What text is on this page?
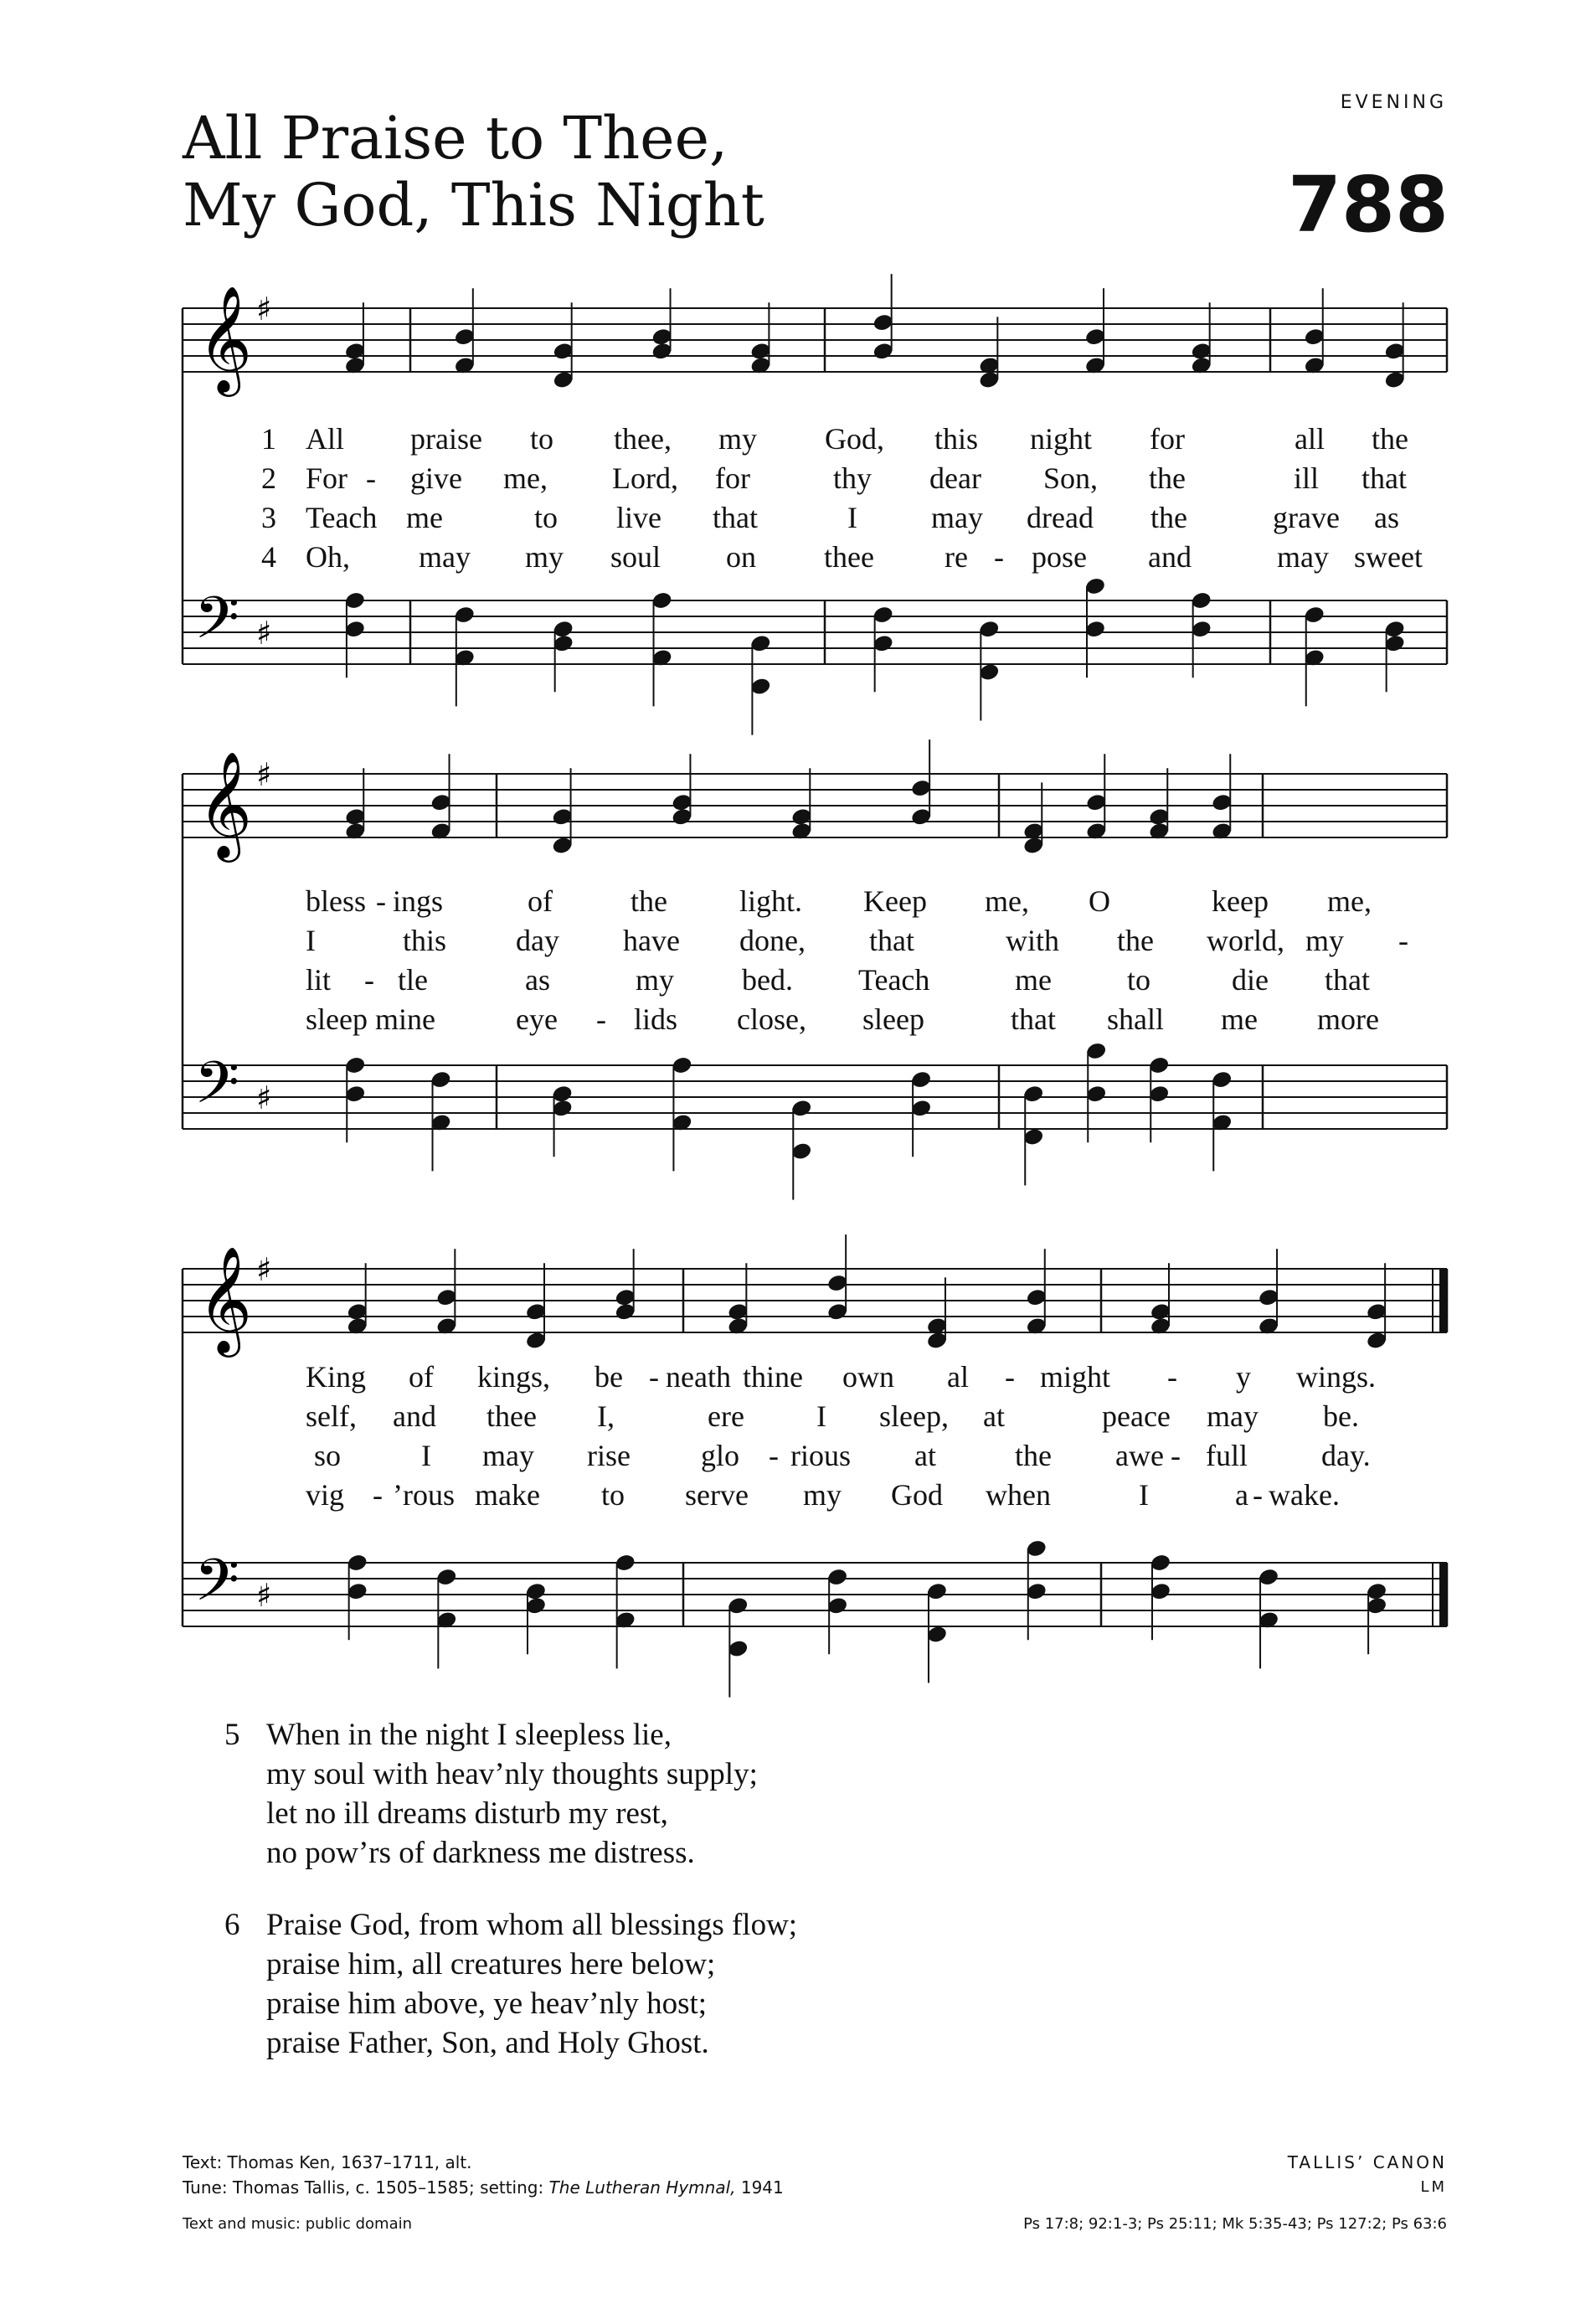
EVENING
All Praise to Thee,
My God, This Night	788
𝄞
𝄢
♯
♯
𝄞
𝄢
♯
♯
𝄞
𝄢
♯
♯
1
2
3
4
All praise to thee, my God, this night for	all the
For - give me, Lord, for	thy dear Son, the	ill that
Teach me	to live that	I may dread the	grave as
Oh, may my soul on thee re - pose and	may sweet
bless - ings	of	the light. Keep me, O	keep me,
I	this day have done, that	with the world, my -
lit - tle	as	my bed. Teach	me	to	die that
sleep mine	eye - lids close, sleep	that shall me more
King of kings, be - neath thine own al - might - y wings.
self, and thee I,	ere I sleep, at	peace may be.
so	I may rise glo - rious at	the awe - full day.
vig - ’rous make to serve my God when	I	a - wake.
5 When in the night I sleepless lie,
my soul with heav’nly thoughts supply;
let no ill dreams disturb my rest,
no pow’rs of darkness me distress.
6 Praise God, from whom all blessings flow;
praise him, all creatures here below;
praise him above, ye heav’nly host;
praise Father, Son, and Holy Ghost.
Text: Thomas Ken, 1637–1711, alt.
Tune: Thomas Tallis, c. 1505–1585; setting: The Lutheran Hymnal, 1941
Text and music: public domain
TALLIS’ CANON
LM
Ps 17:8; 92:1-3; Ps 25:11; Mk 5:35-43; Ps 127:2; Ps 63:6
